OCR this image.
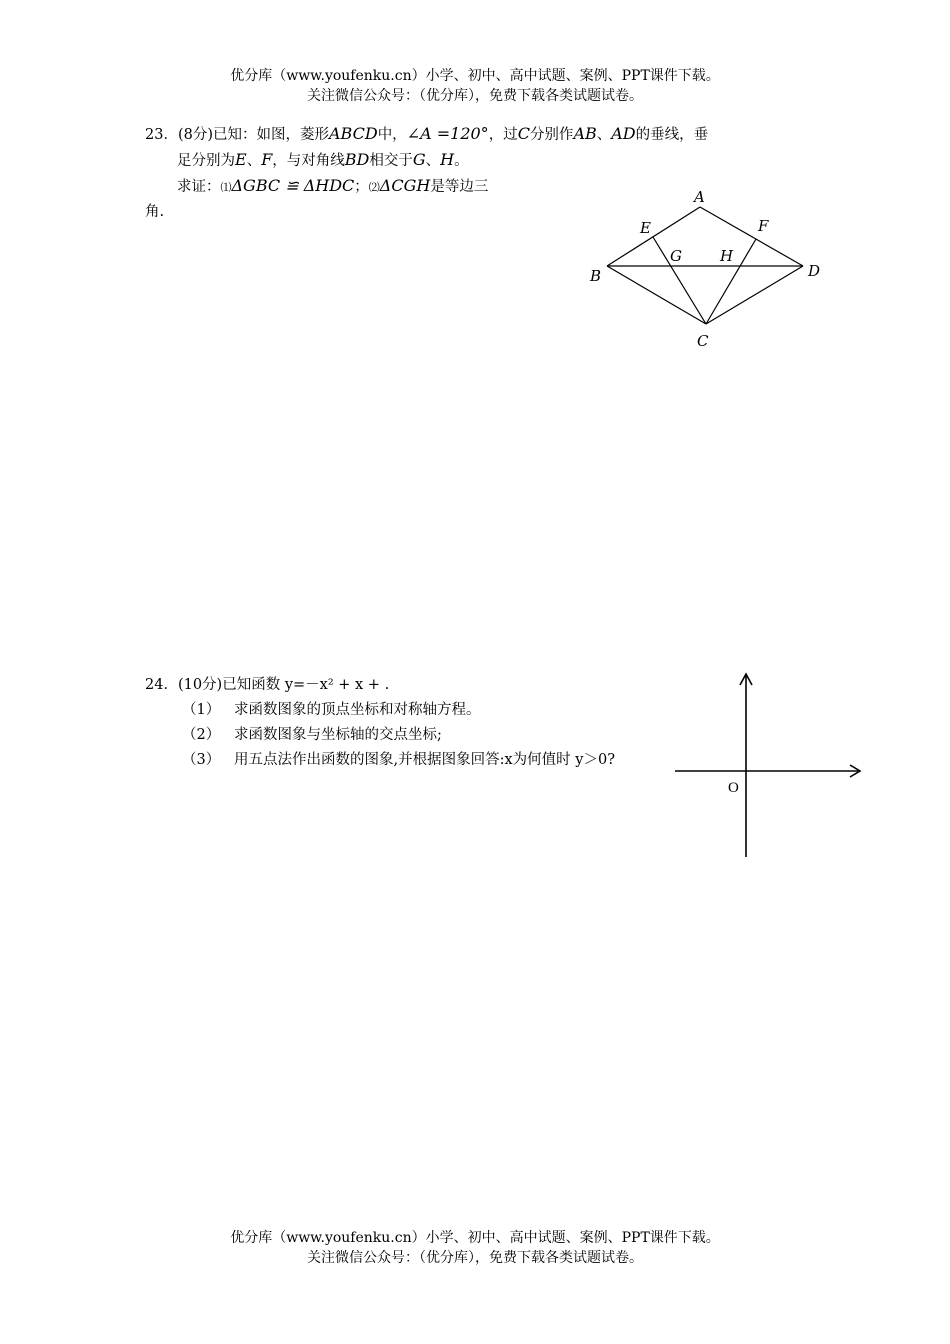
优分库（www.youfenku.cn）小学、初中、高中试题、案例、PPT课件下载。
关注微信公众号：（优分库），免费下载各类试题试卷。
23．(8分)已知：如图，菱形ABCD中，∠A =120°，过C分别作AB、AD的垂线，垂
足分别为E、F，与对角线BD相交于G、H。
求证：⑴ΔGBC ≌ ΔHDC；⑵ΔCGH是等边三
角.
A
B
C
D
E	F
G	H
24．(10分)已知函数 y=－x² + x + .
（1） 求函数图象的顶点坐标和对称轴方程。
（2） 求函数图象与坐标轴的交点坐标;
（3） 用五点法作出函数的图象,并根据图象回答:x为何值时 y＞0?
O
优分库（www.youfenku.cn）小学、初中、高中试题、案例、PPT课件下载。
关注微信公众号：（优分库），免费下载各类试题试卷。
